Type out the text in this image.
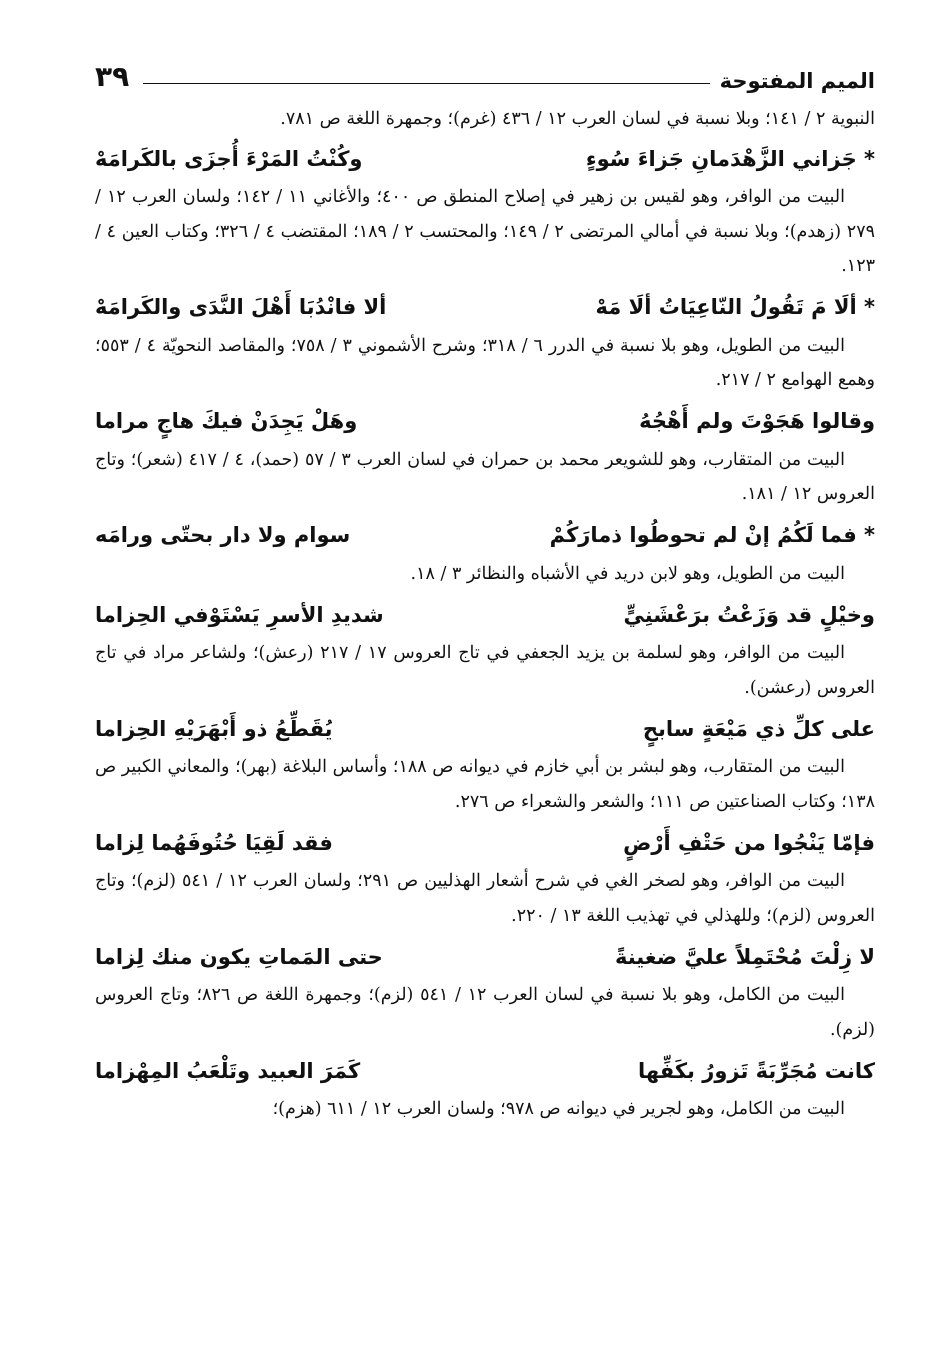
الميم المفتوحة
٣٩
النبوية ٢ / ١٤١؛ وبلا نسبة في لسان العرب ١٢ / ٤٣٦ (غرم)؛ وجمهرة اللغة ص ٧٨١.
* جَزاني الزَّهْدَمانِ جَزاءَ سُوءٍ
وكُنْتُ المَرْءَ أُجزَى بالكَرامَهْ

البيت من الوافر، وهو لقيس بن زهير في إصلاح المنطق ص ٤٠٠؛ والأغاني ١١ / ١٤٢؛ ولسان العرب ١٢ / ٢٧٩ (زهدم)؛ وبلا نسبة في أمالي المرتضى ٢ / ١٤٩؛ والمحتسب ٢ / ١٨٩؛ المقتضب ٤ / ٣٢٦؛ وكتاب العين ٤ / ١٢٣.

* ألَا مَ تَقُولُ النّاعِيَاتُ ألَا مَهْ
ألا فانْدُبَا أَهْلَ النَّدَى والكَرامَهْ

البيت من الطويل، وهو بلا نسبة في الدرر ٦ / ٣١٨؛ وشرح الأشموني ٣ / ٧٥٨؛ والمقاصد النحويّة ٤ / ٥٥٣؛ وهمع الهوامع ٢ / ٢١٧.

وقالوا هَجَوْتَ ولم أَهْجُهُ
وهَلْ يَجِدَنْ فيكَ هاجٍ مراما

البيت من المتقارب، وهو للشويعر محمد بن حمران في لسان العرب ٣ / ٥٧ (حمد)، ٤ / ٤١٧ (شعر)؛ وتاج العروس ١٢ / ١٨١.

* فما لَكُمُ إنْ لم تحوطُوا ذمارَكُمْ
سوام ولا دار بحتّى ورامَه

البيت من الطويل، وهو لابن دريد في الأشباه والنظائر ٣ / ١٨.

وخيْلٍ قد وَزَعْتُ برَعْشَنِيٍّ
شديدِ الأسرِ يَسْتَوْفي الحِزاما

البيت من الوافر، وهو لسلمة بن يزيد الجعفي في تاج العروس ١٧ / ٢١٧ (رعش)؛ ولشاعر مراد في تاج العروس (رعشن).

على كلِّ ذي مَيْعَةٍ سابحٍ
يُقَطِّعُ ذو أَبْهَرَيْهِ الحِزاما

البيت من المتقارب، وهو لبشر بن أبي خازم في ديوانه ص ١٨٨؛ وأساس البلاغة (بهر)؛ والمعاني الكبير ص ١٣٨؛ وكتاب الصناعتين ص ١١١؛ والشعر والشعراء ص ٢٧٦.

فإمّا يَنْجُوا من حَتْفِ أَرْضٍ
فقد لَقِيَا حُتُوفَهُما لِزاما

البيت من الوافر، وهو لصخر الغي في شرح أشعار الهذليين ص ٢٩١؛ ولسان العرب ١٢ / ٥٤١ (لزم)؛ وتاج العروس (لزم)؛ وللهذلي في تهذيب اللغة ١٣ / ٢٢٠.

لا زِلْتَ مُحْتَمِلاً عليَّ ضغينةً
حتى المَماتِ يكون منك لِزاما

البيت من الكامل، وهو بلا نسبة في لسان العرب ١٢ / ٥٤١ (لزم)؛ وجمهرة اللغة ص ٨٢٦؛ وتاج العروس (لزم).

كانت مُجَرِّبَةً تَزورُ بكَفِّها
كَمَرَ العبيد وتَلْعَبُ المِهْزاما

البيت من الكامل، وهو لجرير في ديوانه ص ٩٧٨؛ ولسان العرب ١٢ / ٦١١ (هزم)؛
